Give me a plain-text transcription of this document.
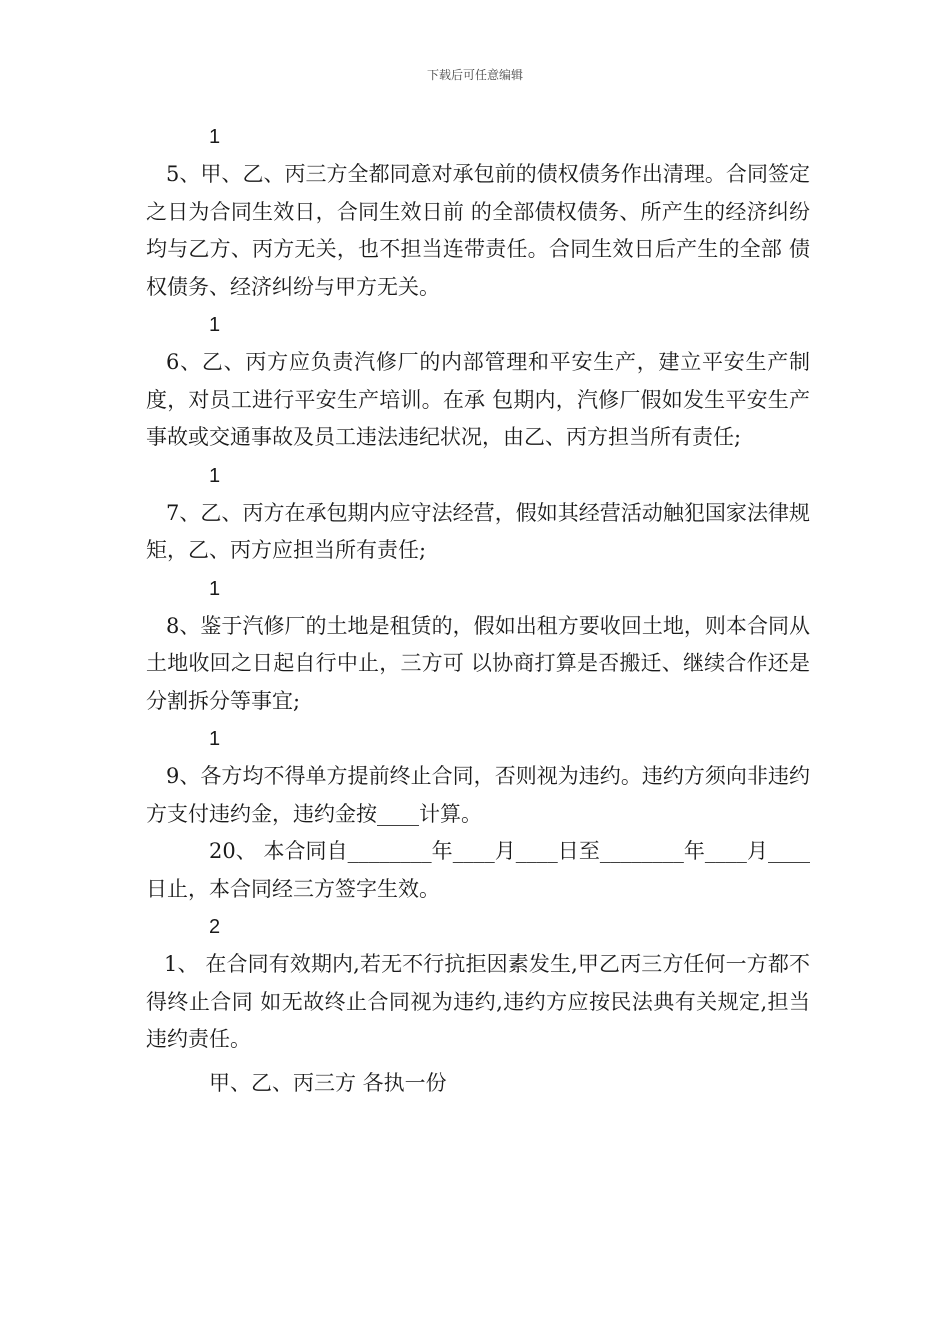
下载后可任意编辑
1
5、甲、乙、丙三方全都同意对承包前的债权债务作出清理。合同签定之日为合同生效日，合同生效日前 的全部债权债务、所产生的经济纠纷均与乙方、丙方无关，也不担当连带责任。合同生效日后产生的全部 债权债务、经济纠纷与甲方无关。
1
6、乙、丙方应负责汽修厂的内部管理和平安生产，建立平安生产制度，对员工进行平安生产培训。在承 包期内，汽修厂假如发生平安生产事故或交通事故及员工违法违纪状况，由乙、丙方担当所有责任;
1
7、乙、丙方在承包期内应守法经营，假如其经营活动触犯国家法律规矩，乙、丙方应担当所有责任;
1
8、鉴于汽修厂的土地是租赁的，假如出租方要收回土地，则本合同从土地收回之日起自行中止，三方可 以协商打算是否搬迁、继续合作还是分割拆分等事宜;
1
9、各方均不得单方提前终止合同，否则视为违约。违约方须向非违约方支付违约金，违约金按____计算。
20、 本合同自________年____月____日至________年____月____日止，本合同经三方签字生效。
2
1、 在合同有效期内,若无不行抗拒因素发生,甲乙丙三方任何一方都不得终止合同 如无故终止合同视为违约,违约方应按民法典有关规定,担当违约责任。
甲、乙、丙三方 各执一份
